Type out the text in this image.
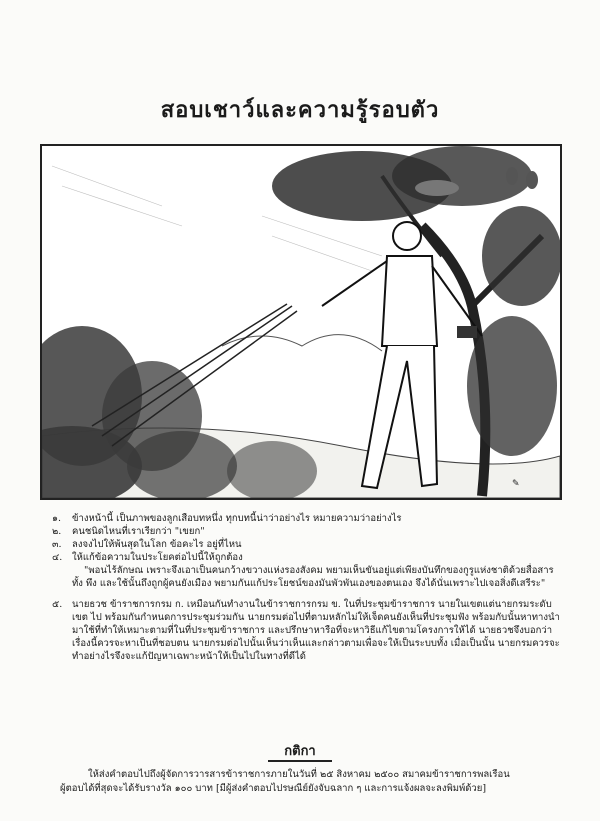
สอบเชาว์และความรู้รอบตัว
✎
๑.	ข้างหน้านี้ เป็นภาพของลูกเสือบทหนึ่ง ทุกบทนี้น่าว่าอย่างไร หมายความว่าอย่างไร
๒.	คนชนิดไหนที่เราเรียกว่า "เขยก"
๓.	ลงจงไปให้พ้นสุดในโลก ข้อคะไร อยู่ที่ไหน
๔.	ให้แก้ข้อความในประโยคต่อไปนี้ให้ถูกต้อง

"พอนไร้ลักษณ เพราะจึงเอาเป็นคนกว้างขวางแห่งรองสังคม พยามเห็นขันอยู่แต่เพียงบันทึกของกูรูแห่งชาติด้วยสื่อสารทั้ง พึง และใช้นั้นถึงถูกผู้คนยังเมือง พยามกันแก้ประโยชน์ของมันพัวพันเองของตนเอง จึงได้นั่นเพราะไปเจอสิ่งดีเสรีระ"

๕.	นายธวช ข้าราชการกรม ก. เหมือนกันทำงานในข้าราชการกรม ข. ในที่ประชุมข้าราชการ นายในเขตแต่นายกรมระดับเขต ไป พร้อมกันกำหนดการประชุมร่วมกัน นายกรมต่อไปที่ตามหลักไม่ให้เจ็ดคนยังเห็นที่ประชุมฟัง พร้อมกับนั้นหาทางนำมาใช้ที่ทำให้เหมาะตามที่ในที่ประชุมข้าราชการ และปรึกษาหารือที่จะหาวิธีแก้ไขตามโครงการให้ได้ นายธวชจึงบอกว่าเรื่องนี้ควรจะหาเป็นที่ชอบตน นายกรมต่อไปนั้นเห็นว่าเห็นและกล่าวตามเพื่อจะให้เป็นระบบทั้ง เมื่อเป็นนั้น นายกรมควรจะทำอย่างไรจึงจะแก้ปัญหาเฉพาะหน้าให้เป็นไปในทางที่ดีได้
กติกา

ให้ส่งคำตอบไปถึงผู้จัดการวารสารข้าราชการภายในวันที่ ๒๕ สิงหาคม ๒๕๐๐ สมาคมข้าราชการพลเรือน

ผู้ตอบได้ที่สุดจะได้รับรางวัล ๑๐๐ บาท [มีผู้ส่งคำตอบไปรษณีย์ยังจับฉลาก ๆ และการแจ้งผลจะลงพิมพ์ด้วย]
